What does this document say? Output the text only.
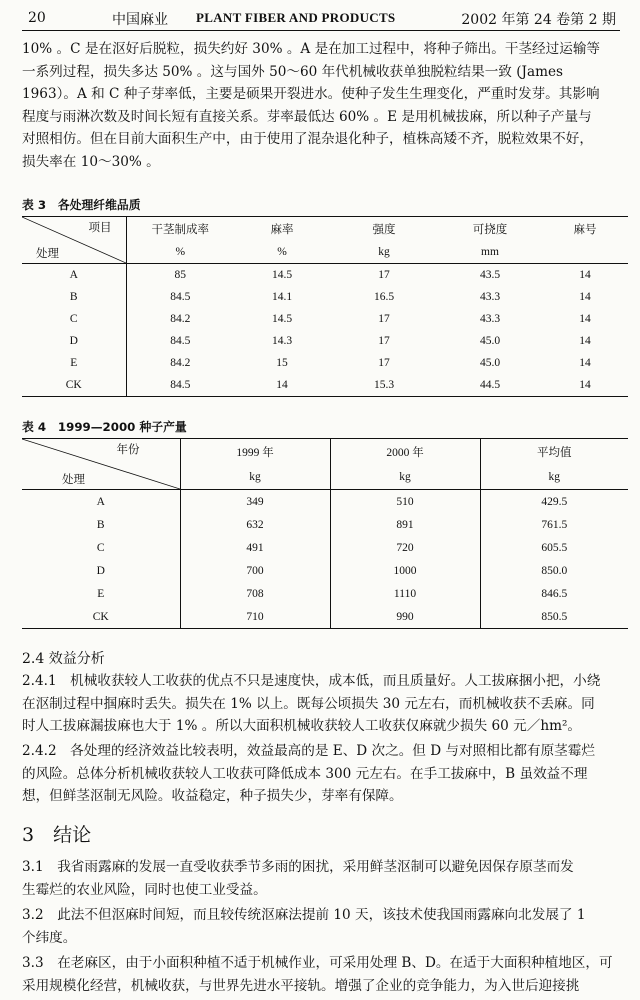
20	中国麻业 PLANT FIBER AND PRODUCTS	2002 年第 24 卷第 2 期

10% 。C 是在沤好后脱粒，损失约好 30% 。A 是在加工过程中，将种子筛出。干茎经过运输等

一系列过程，损失多达 50% 。这与国外 50～60 年代机械收获单独脱粒结果一致 (James

1963）。A 和 C 种子芽率低，主要是硕果开裂进水。使种子发生生理变化，严重时发芽。其影响

程度与雨淋次数及时间长短有直接关系。芽率最低达 60% 。E 是用机械拔麻，所以种子产量与

对照相仿。但在目前大面积生产中，由于使用了混杂退化种子，植株高矮不齐，脱粒效果不好，

损失率在 10～30% 。

表 3　各处理纤维品质
项目
处理	干茎制成率	麻率	强度	可挠度	麻号
	%	%	kg	mm	
A	85	14.5	17	43.5	14
B	84.5	14.1	16.5	43.3	14
C	84.2	14.5	17	43.3	14
D	84.5	14.3	17	45.0	14
E	84.2	15	17	45.0	14
CK	84.5	14	15.3	44.5	14
表 4　1999—2000 种子产量
年份
处理	1999 年	2000 年	平均值
	kg	kg	kg
A	349	510	429.5
B	632	891	761.5
C	491	720	605.5
D	700	1000	850.0
E	708	1110	846.5
CK	710	990	850.5
2.4 效益分析

2.4.1　机械收获较人工收获的优点不只是速度快，成本低，而且质量好。人工拔麻捆小把，小绕

在沤制过程中掴麻时丢失。损失在 1% 以上。既每公顷损失 30 元左右，而机械收获不丢麻。同

时人工拔麻漏拔麻也大于 1% 。所以大面积机械收获较人工收获仅麻就少损失 60 元／hm²。

2.4.2　各处理的经济效益比较表明，效益最高的是 E、D 次之。但 D 与对照相比都有原茎霉烂

的风险。总体分析机械收获较人工收获可降低成本 300 元左右。在手工拔麻中，B 虽效益不理

想，但鲜茎沤制无风险。收益稳定，种子损失少，芽率有保障。

3　结论

3.1　我省雨露麻的发展一直受收获季节多雨的困扰，采用鲜茎沤制可以避免因保存原茎而发

生霉烂的农业风险，同时也使工业受益。

3.2　此法不但沤麻时间短，而且较传统沤麻法提前 10 天，该技术使我国雨露麻向北发展了 1

个纬度。

3.3　在老麻区，由于小面积种植不适于机械作业，可采用处理 B、D。在适于大面积种植地区，可

采用规模化经营，机械收获，与世界先进水平接轨。增强了企业的竞争能力，为入世后迎接挑
